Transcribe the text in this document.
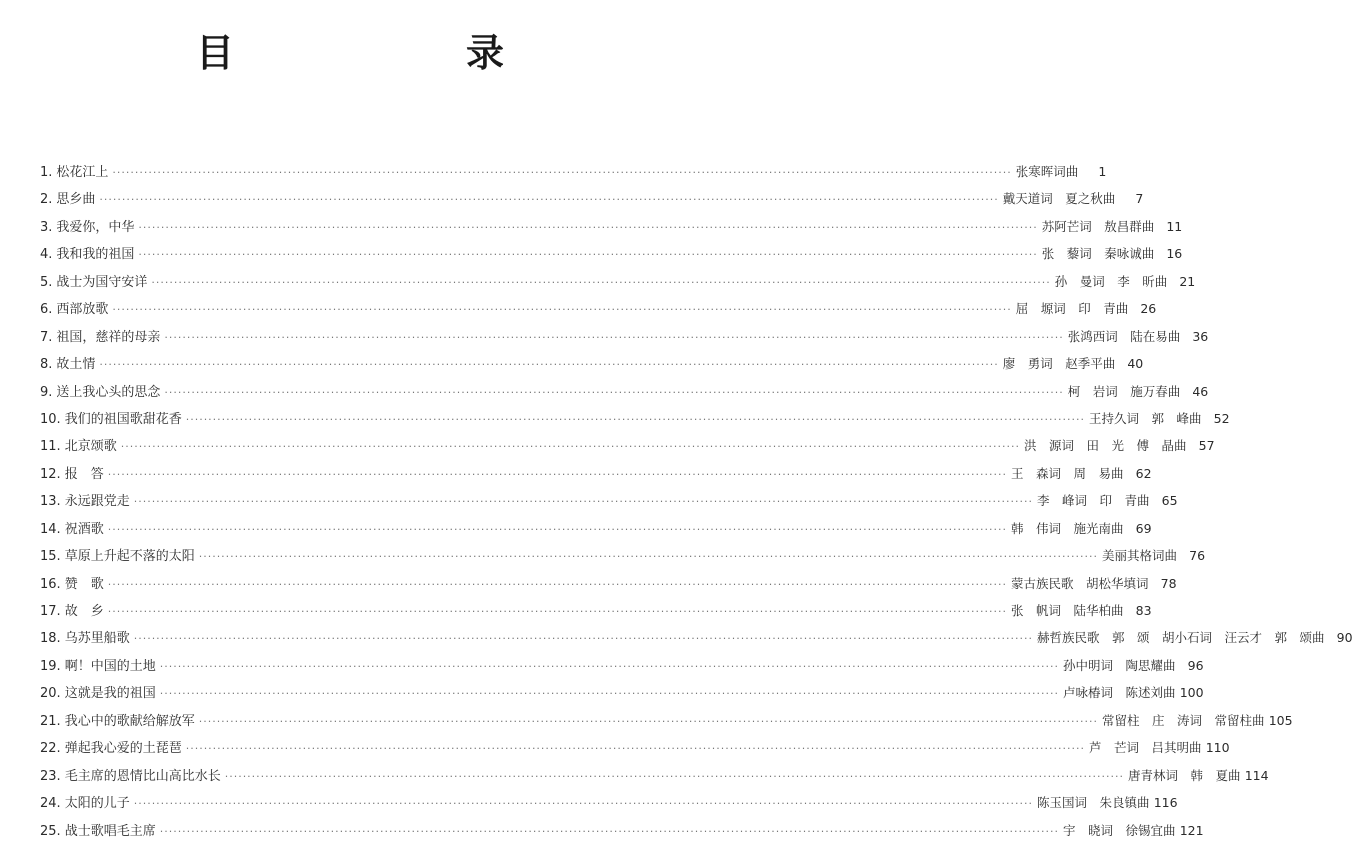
目　　录
1. 松花江上 ········································································································································································································ 张寒晖词曲	1
2. 思乡曲 ········································································································································································································ 戴天道词　夏之秋曲	7
3. 我爱你，中华 ········································································································································································································ 苏阿芒词　敖昌群曲 11
4. 我和我的祖国 ········································································································································································································ 张　藜词　秦咏诚曲 16
5. 战士为国守安详 ········································································································································································································ 孙　曼词　李　昕曲 21
6. 西部放歌 ········································································································································································································ 屈　塬词　印　青曲 26
7. 祖国，慈祥的母亲 ········································································································································································································ 张鸿西词　陆在易曲 36
8. 故土情 ········································································································································································································ 廖　勇词　赵季平曲 40
9. 送上我心头的思念 ········································································································································································································ 柯　岩词　施万春曲 46
10. 我们的祖国歌甜花香 ········································································································································································································ 王持久词　郭　峰曲 52
11. 北京颂歌 ········································································································································································································ 洪　源词　田　光　傅　晶曲 57
12. 报　答 ········································································································································································································ 王　森词　周　易曲 62
13. 永远跟党走 ········································································································································································································ 李　峰词　印　青曲 65
14. 祝酒歌 ········································································································································································································ 韩　伟词　施光南曲 69
15. 草原上升起不落的太阳 ········································································································································································································ 美丽其格词曲 76
16. 赞　歌 ········································································································································································································ 蒙古族民歌　胡松华填词 78
17. 故　乡 ········································································································································································································ 张　帆词　陆华柏曲 83
18. 乌苏里船歌 ········································································································································································································ 赫哲族民歌　郭　颂　胡小石词　汪云才　郭　颂曲 90
19. 啊！中国的土地 ········································································································································································································ 孙中明词　陶思耀曲 96
20. 这就是我的祖国 ········································································································································································································ 卢咏椿词　陈述刘曲 100
21. 我心中的歌献给解放军 ········································································································································································································ 常留柱　庄　涛词　常留柱曲 105
22. 弹起我心爱的土琵琶 ········································································································································································································ 芦　芒词　吕其明曲 110
23. 毛主席的恩情比山高比水长 ········································································································································································································ 唐青林词　韩　夏曲 114
24. 太阳的儿子 ········································································································································································································ 陈玉国词　朱良镇曲 116
25. 战士歌唱毛主席 ········································································································································································································ 宇　晓词　徐锡宜曲 121
